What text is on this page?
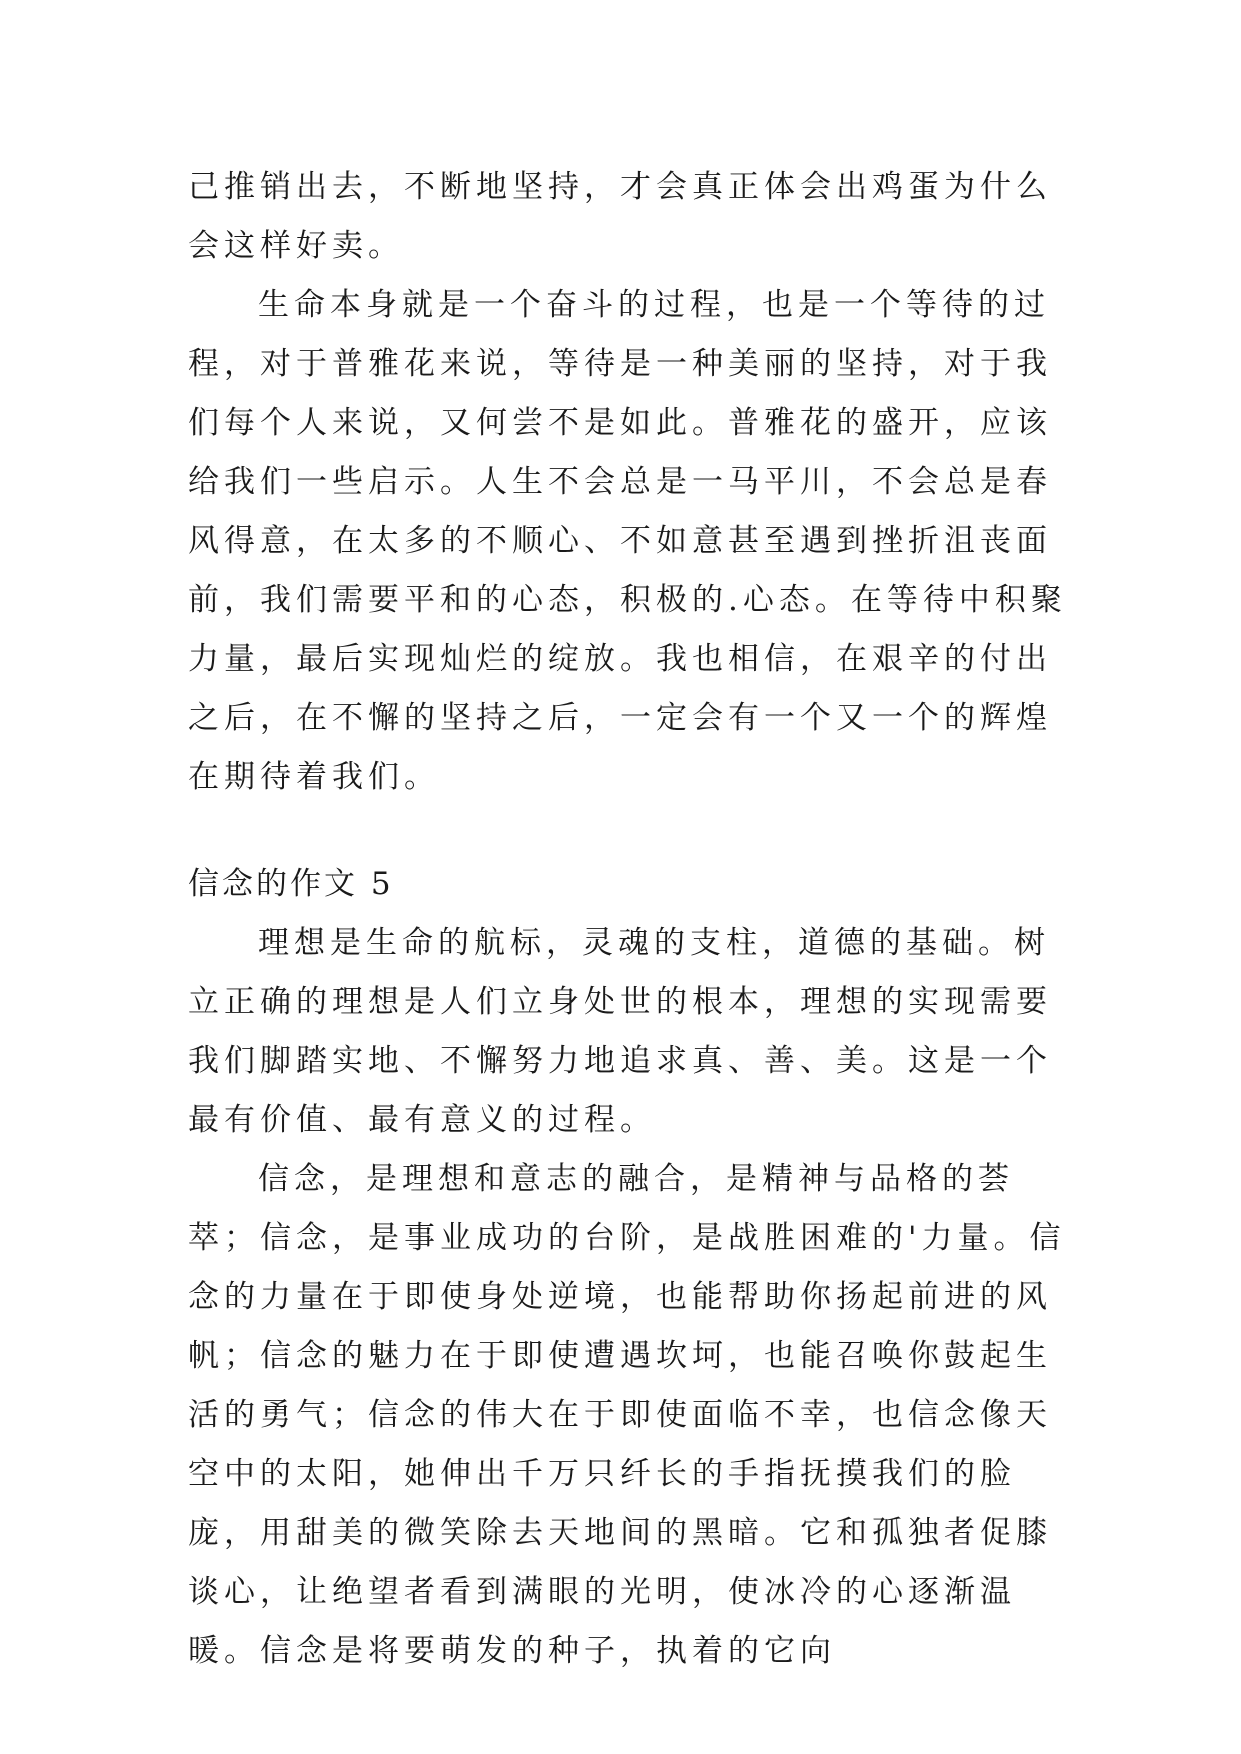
己推销出去，不断地坚持，才会真正体会出鸡蛋为什么会这样好卖。

生命本身就是一个奋斗的过程，也是一个等待的过程，对于普雅花来说，等待是一种美丽的坚持，对于我们每个人来说，又何尝不是如此。普雅花的盛开，应该给我们一些启示。人生不会总是一马平川，不会总是春风得意，在太多的不顺心、不如意甚至遇到挫折沮丧面前，我们需要平和的心态，积极的.心态。在等待中积聚力量，最后实现灿烂的绽放。我也相信，在艰辛的付出之后，在不懈的坚持之后，一定会有一个又一个的辉煌在期待着我们。

信念的作文 5

理想是生命的航标，灵魂的支柱，道德的基础。树立正确的理想是人们立身处世的根本，理想的实现需要我们脚踏实地、不懈努力地追求真、善、美。这是一个最有价值、最有意义的过程。

信念，是理想和意志的融合，是精神与品格的荟萃；信念，是事业成功的台阶，是战胜困难的'力量。信念的力量在于即使身处逆境，也能帮助你扬起前进的风帆；信念的魅力在于即使遭遇坎坷，也能召唤你鼓起生活的勇气；信念的伟大在于即使面临不幸，也信念像天空中的太阳，她伸出千万只纤长的手指抚摸我们的脸庞，用甜美的微笑除去天地间的黑暗。它和孤独者促膝谈心，让绝望者看到满眼的光明，使冰冷的心逐渐温暖。信念是将要萌发的种子，执着的它向
